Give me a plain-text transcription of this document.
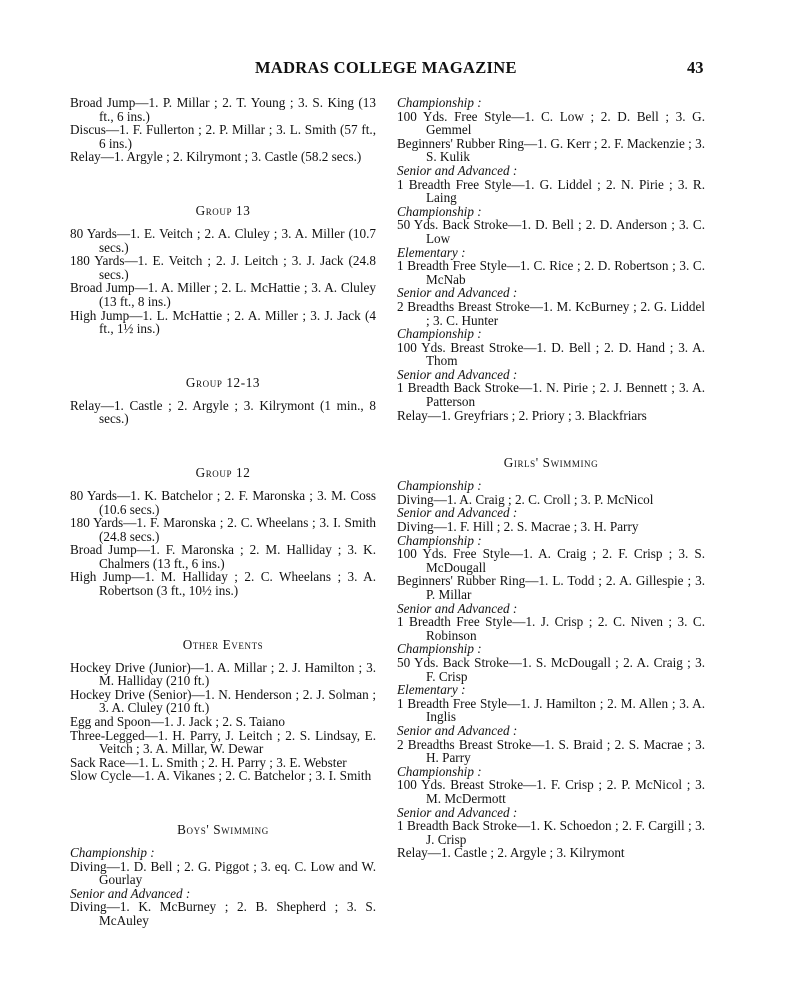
MADRAS COLLEGE MAGAZINE	43

Broad Jump—1. P. Millar ; 2. T. Young ; 3. S. King (13 ft., 6 ins.)

Discus—1. F. Fullerton ; 2. P. Millar ; 3. L. Smith (57 ft., 6 ins.)

Relay—1. Argyle ; 2. Kilrymont ; 3. Castle (58.2 secs.)

Group 13

80 Yards—1. E. Veitch ; 2. A. Cluley ; 3. A. Miller (10.7 secs.)

180 Yards—1. E. Veitch ; 2. J. Leitch ; 3. J. Jack (24.8 secs.)

Broad Jump—1. A. Miller ; 2. L. McHattie ; 3. A. Cluley (13 ft., 8 ins.)

High Jump—1. L. McHattie ; 2. A. Miller ; 3. J. Jack (4 ft., 1½ ins.)

Group 12-13

Relay—1. Castle ; 2. Argyle ; 3. Kilrymont (1 min., 8 secs.)

Group 12

80 Yards—1. K. Batchelor ; 2. F. Maronska ; 3. M. Coss (10.6 secs.)

180 Yards—1. F. Maronska ; 2. C. Wheelans ; 3. I. Smith (24.8 secs.)

Broad Jump—1. F. Maronska ; 2. M. Halliday ; 3. K. Chalmers (13 ft., 6 ins.)

High Jump—1. M. Halliday ; 2. C. Wheelans ; 3. A. Robertson (3 ft., 10½ ins.)

Other Events

Hockey Drive (Junior)—1. A. Millar ; 2. J. Hamilton ; 3. M. Halliday (210 ft.)

Hockey Drive (Senior)—1. N. Henderson ; 2. J. Solman ; 3. A. Cluley (210 ft.)

Egg and Spoon—1. J. Jack ; 2. S. Taiano

Three-Legged—1. H. Parry, J. Leitch ; 2. S. Lindsay, E. Veitch ; 3. A. Millar, W. Dewar

Sack Race—1. L. Smith ; 2. H. Parry ; 3. E. Webster

Slow Cycle—1. A. Vikanes ; 2. C. Batchelor ; 3. I. Smith

Boys' Swimming

Championship :

Diving—1. D. Bell ; 2. G. Piggot ; 3. eq. C. Low and W. Gourlay

Senior and Advanced :

Diving—1. K. McBurney ; 2. B. Shepherd ; 3. S. McAuley

Championship :

100 Yds. Free Style—1. C. Low ; 2. D. Bell ; 3. G. Gemmel

Beginners' Rubber Ring—1. G. Kerr ; 2. F. Mackenzie ; 3. S. Kulik

Senior and Advanced :

1 Breadth Free Style—1. G. Liddel ; 2. N. Pirie ; 3. R. Laing

Championship :

50 Yds. Back Stroke—1. D. Bell ; 2. D. Anderson ; 3. C. Low

Elementary :

1 Breadth Free Style—1. C. Rice ; 2. D. Robertson ; 3. C. McNab

Senior and Advanced :

2 Breadths Breast Stroke—1. M. KcBurney ; 2. G. Liddel ; 3. C. Hunter

Championship :

100 Yds. Breast Stroke—1. D. Bell ; 2. D. Hand ; 3. A. Thom

Senior and Advanced :

1 Breadth Back Stroke—1. N. Pirie ; 2. J. Bennett ; 3. A. Patterson

Relay—1. Greyfriars ; 2. Priory ; 3. Blackfriars

Girls' Swimming

Championship :

Diving—1. A. Craig ; 2. C. Croll ; 3. P. McNicol

Senior and Advanced :

Diving—1. F. Hill ; 2. S. Macrae ; 3. H. Parry

Championship :

100 Yds. Free Style—1. A. Craig ; 2. F. Crisp ; 3. S. McDougall

Beginners' Rubber Ring—1. L. Todd ; 2. A. Gillespie ; 3. P. Millar

Senior and Advanced :

1 Breadth Free Style—1. J. Crisp ; 2. C. Niven ; 3. C. Robinson

Championship :

50 Yds. Back Stroke—1. S. McDougall ; 2. A. Craig ; 3. F. Crisp

Elementary :

1 Breadth Free Style—1. J. Hamilton ; 2. M. Allen ; 3. A. Inglis

Senior and Advanced :

2 Breadths Breast Stroke—1. S. Braid ; 2. S. Macrae ; 3. H. Parry

Championship :

100 Yds. Breast Stroke—1. F. Crisp ; 2. P. McNicol ; 3. M. McDermott

Senior and Advanced :

1 Breadth Back Stroke—1. K. Schoedon ; 2. F. Cargill ; 3. J. Crisp

Relay—1. Castle ; 2. Argyle ; 3. Kilrymont
